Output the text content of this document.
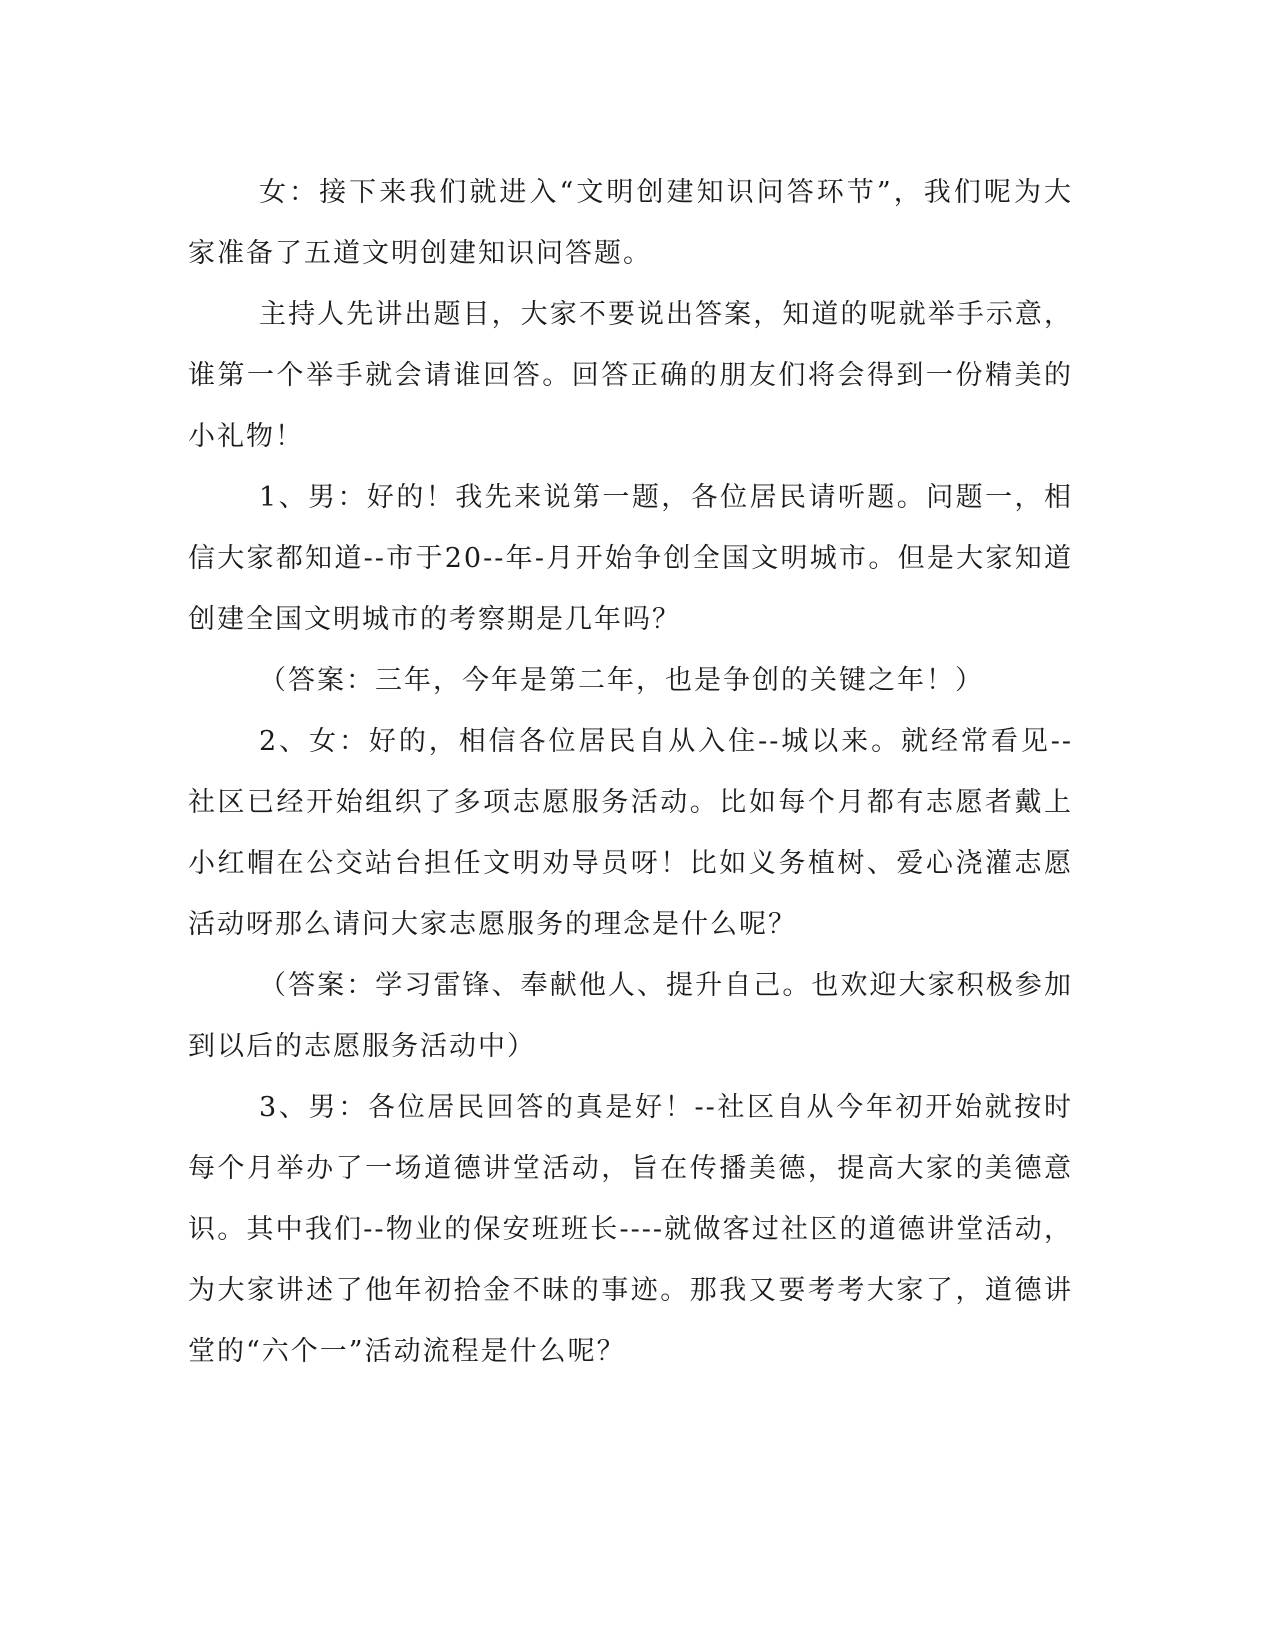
女：接下来我们就进入“文明创建知识问答环节”，我们呢为大家准备了五道文明创建知识问答题。

主持人先讲出题目，大家不要说出答案，知道的呢就举手示意，谁第一个举手就会请谁回答。回答正确的朋友们将会得到一份精美的小礼物！

1、男：好的！我先来说第一题，各位居民请听题。问题一，相信大家都知道--市于20--年-月开始争创全国文明城市。但是大家知道创建全国文明城市的考察期是几年吗？

（答案：三年，今年是第二年，也是争创的关键之年！）

2、女：好的，相信各位居民自从入住--城以来。就经常看见--社区已经开始组织了多项志愿服务活动。比如每个月都有志愿者戴上小红帽在公交站台担任文明劝导员呀！比如义务植树、爱心浇灌志愿活动呀那么请问大家志愿服务的理念是什么呢？

（答案：学习雷锋、奉献他人、提升自己。也欢迎大家积极参加到以后的志愿服务活动中）

3、男：各位居民回答的真是好！--社区自从今年初开始就按时每个月举办了一场道德讲堂活动，旨在传播美德，提高大家的美德意识。其中我们--物业的保安班班长----就做客过社区的道德讲堂活动，为大家讲述了他年初拾金不昧的事迹。那我又要考考大家了，道德讲堂的“六个一”活动流程是什么呢？
